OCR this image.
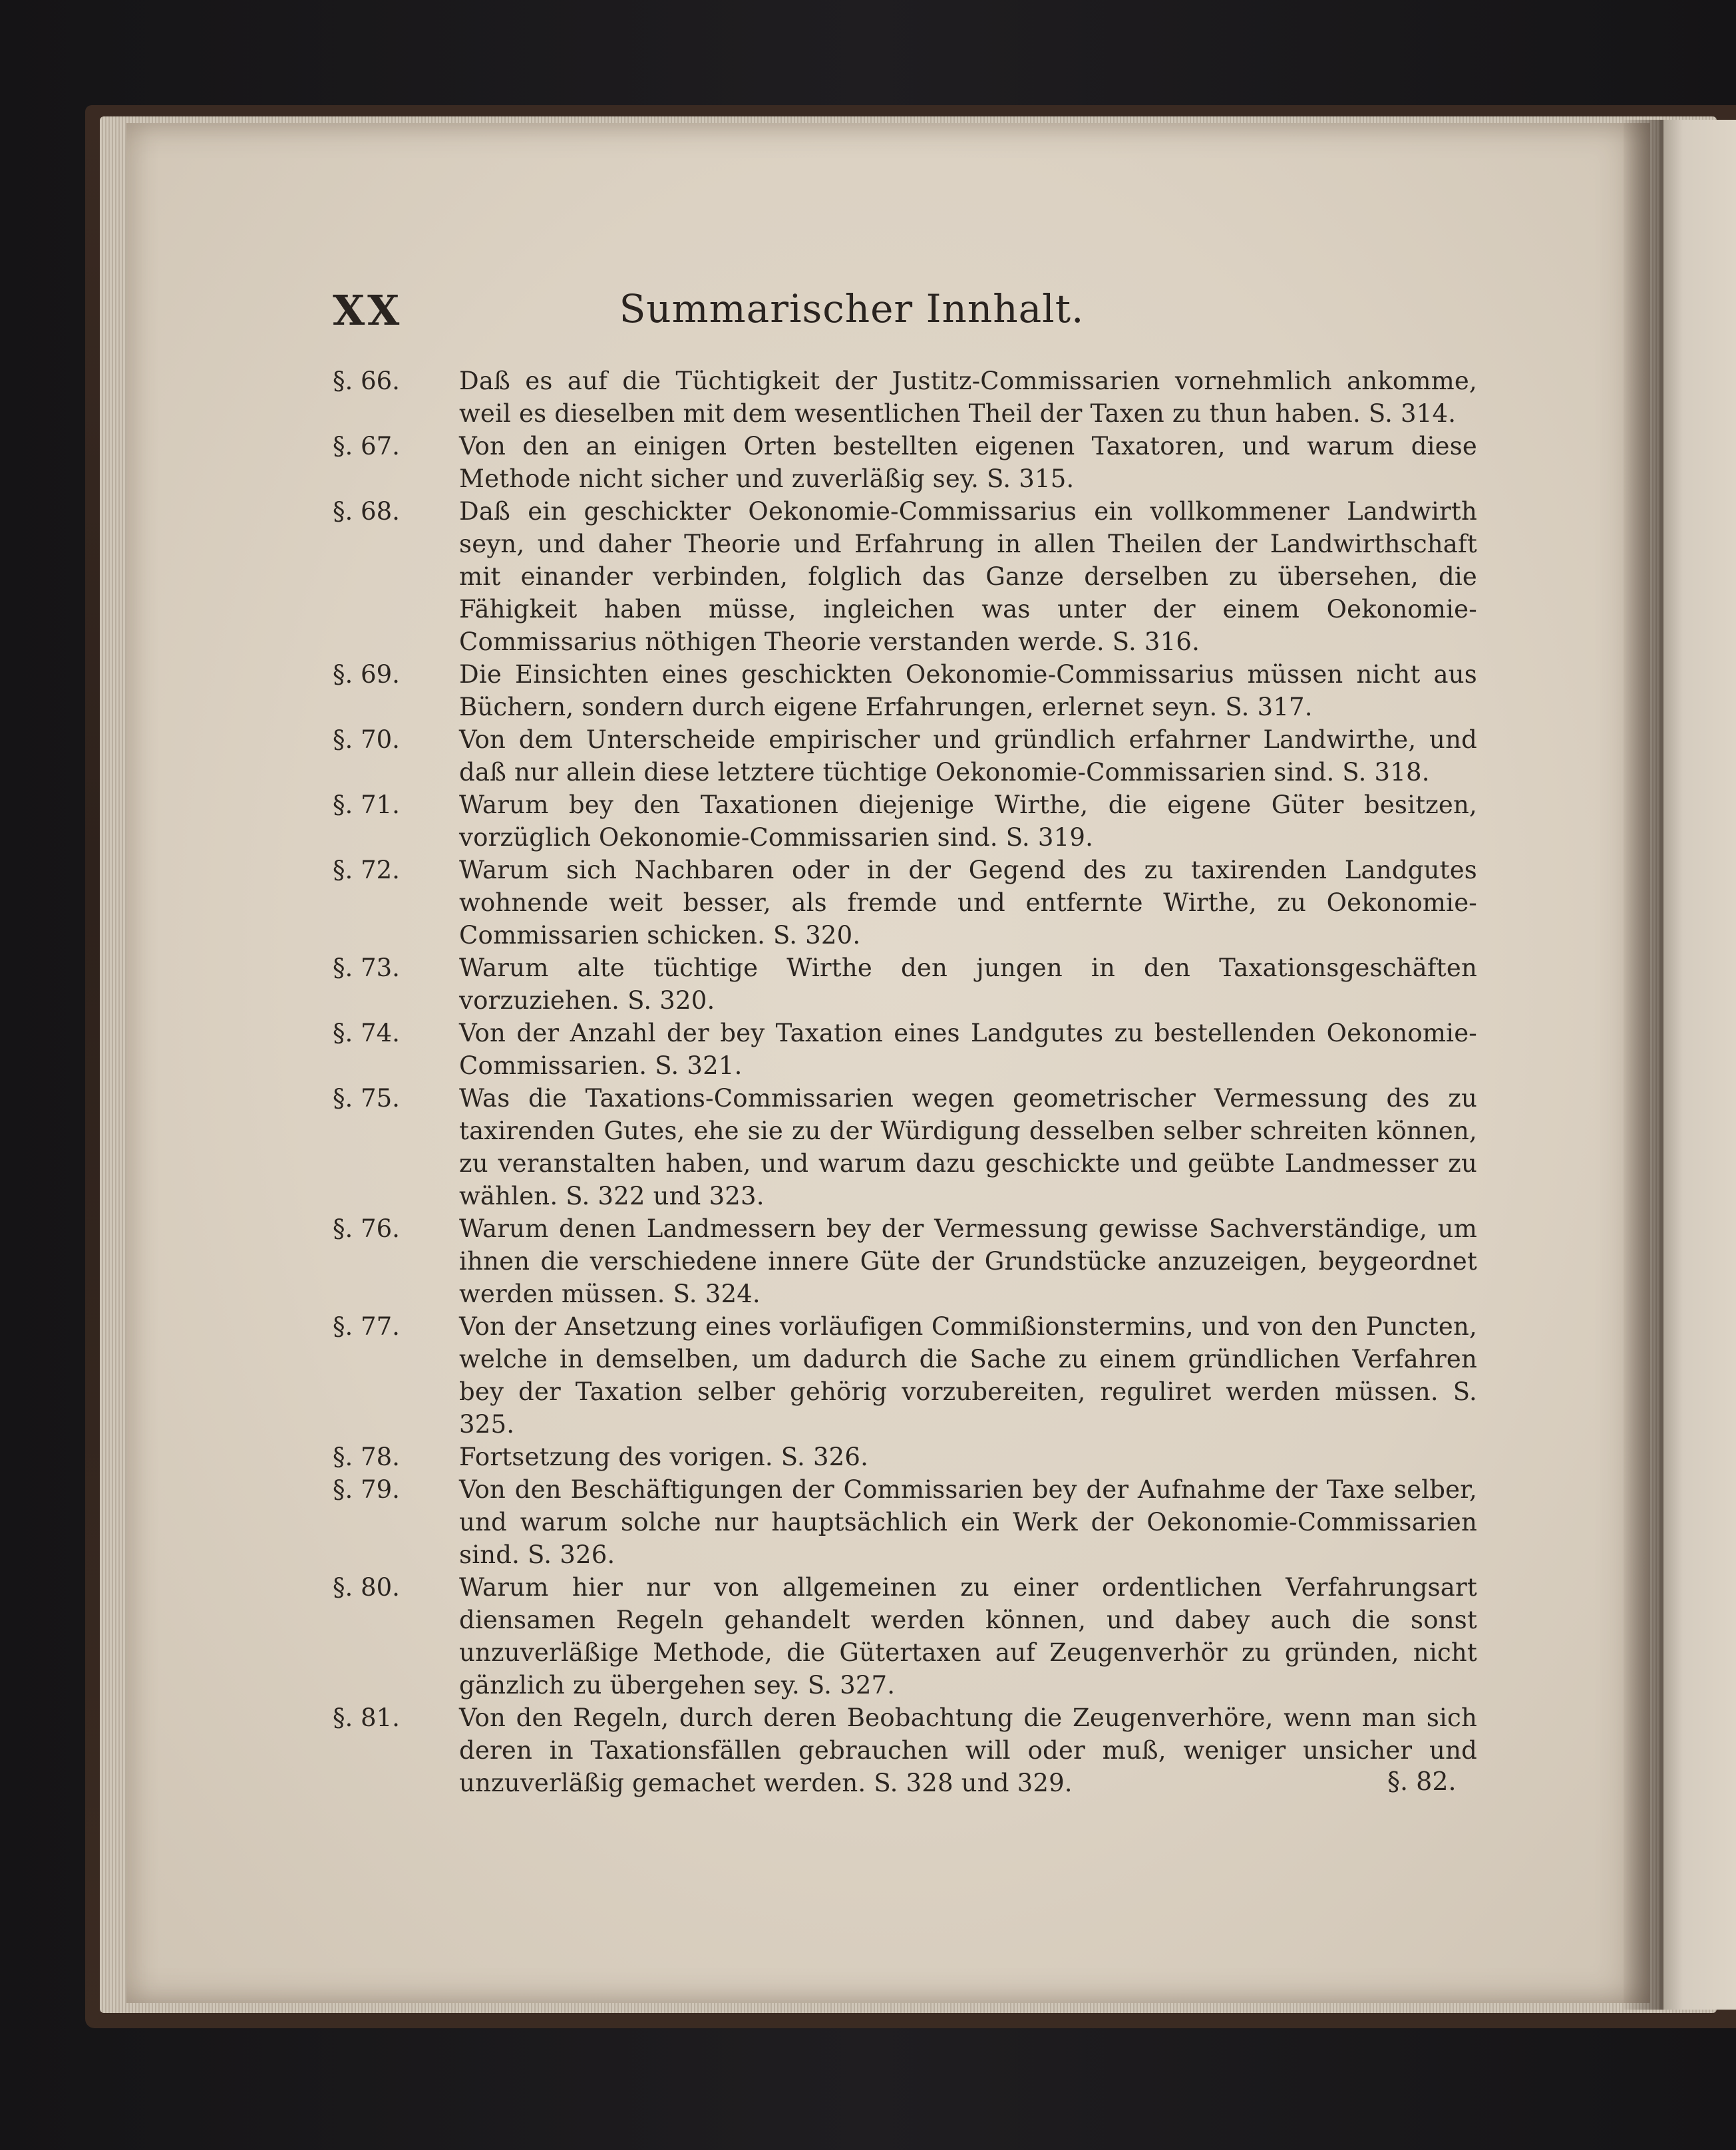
XX	Summarischer Innhalt.
§. 66.	Daß es auf die Tüchtigkeit der Justitz-Commissarien vornehmlich ankomme, weil es dieselben mit dem wesentlichen Theil der Taxen zu thun haben. S. 314.
§. 67.	Von den an einigen Orten bestellten eigenen Taxatoren, und warum diese Methode nicht sicher und zuverläßig sey. S. 315.
§. 68.	Daß ein geschickter Oekonomie-Commissarius ein vollkommener Landwirth seyn, und daher Theorie und Erfahrung in allen Theilen der Landwirthschaft mit einander verbinden, folglich das Ganze derselben zu übersehen, die Fähigkeit haben müsse, ingleichen was unter der einem Oekonomie-Commissarius nöthigen Theorie verstanden werde. S. 316.
§. 69.	Die Einsichten eines geschickten Oekonomie-Commissarius müssen nicht aus Büchern, sondern durch eigene Erfahrungen, erlernet seyn. S. 317.
§. 70.	Von dem Unterscheide empirischer und gründlich erfahrner Landwirthe, und daß nur allein diese letztere tüchtige Oekonomie-Commissarien sind. S. 318.
§. 71.	Warum bey den Taxationen diejenige Wirthe, die eigene Güter besitzen, vorzüglich Oekonomie-Commissarien sind. S. 319.
§. 72.	Warum sich Nachbaren oder in der Gegend des zu taxirenden Landgutes wohnende weit besser, als fremde und entfernte Wirthe, zu Oekonomie-Commissarien schicken. S. 320.
§. 73.	Warum alte tüchtige Wirthe den jungen in den Taxationsgeschäften vorzuziehen. S. 320.
§. 74.	Von der Anzahl der bey Taxation eines Landgutes zu bestellenden Oekonomie-Commissarien. S. 321.
§. 75.	Was die Taxations-Commissarien wegen geometrischer Vermessung des zu taxirenden Gutes, ehe sie zu der Würdigung desselben selber schreiten können, zu veranstalten haben, und warum dazu geschickte und geübte Landmesser zu wählen. S. 322 und 323.
§. 76.	Warum denen Landmessern bey der Vermessung gewisse Sachverständige, um ihnen die verschiedene innere Güte der Grundstücke anzuzeigen, beygeordnet werden müssen. S. 324.
§. 77.	Von der Ansetzung eines vorläufigen Commißionstermins, und von den Puncten, welche in demselben, um dadurch die Sache zu einem gründlichen Verfahren bey der Taxation selber gehörig vorzubereiten, reguliret werden müssen. S. 325.
§. 78.	Fortsetzung des vorigen. S. 326.
§. 79.	Von den Beschäftigungen der Commissarien bey der Aufnahme der Taxe selber, und warum solche nur hauptsächlich ein Werk der Oekonomie-Commissarien sind. S. 326.
§. 80.	Warum hier nur von allgemeinen zu einer ordentlichen Verfahrungsart diensamen Regeln gehandelt werden können, und dabey auch die sonst unzuverläßige Methode, die Gütertaxen auf Zeugenverhör zu gründen, nicht gänzlich zu übergehen sey. S. 327.
§. 81.	Von den Regeln, durch deren Beobachtung die Zeugenverhöre, wenn man sich deren in Taxationsfällen gebrauchen will oder muß, weniger unsicher und unzuverläßig gemachet werden. S. 328 und 329.	§. 82.
